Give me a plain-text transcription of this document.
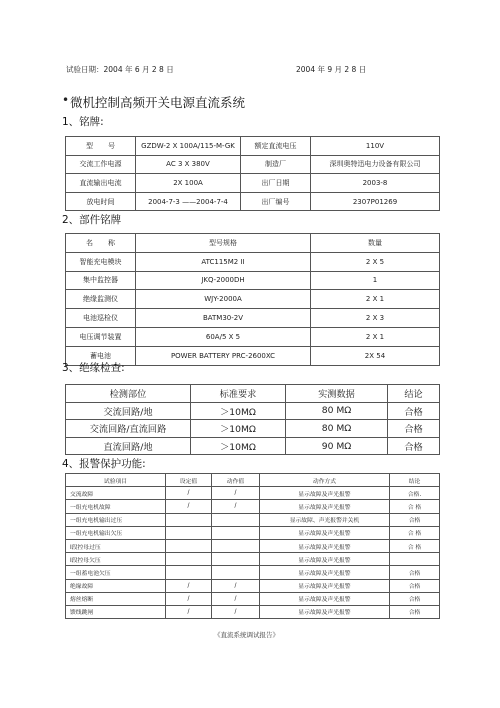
试验日期：2004 年 6 月 2 8 日	2004 年 9 月 2 8 日
• 微机控制高频开关电源直流系统
1、铭牌:
型 号	GZDW-2 X 100A/115-M-GK	额定直流电压	110V
交流工作电源	AC 3 X 380V	制造厂	深圳奥特迅电力设备有限公司
直流输出电流	2X 100A	出厂日期	2003-8
放电时间	2004-7-3 ——2004-7-4	出厂编号	2307P01269
2、部件铭牌
名 称	型号规格	数量
智能充电模块	ATC115M2 II	2 X 5
集中监控器	JKQ-2000DH	1
绝缘监测仪	WJY-2000A	2 X 1
电池巡检仪	BATM30-2V	2 X 3
电压调节装置	60A/5 X 5	2 X 1
蓄电池	POWER BATTERY PRC-2600XC	2X 54
3、绝缘检查:
检测部位	标准要求	实测数据	结论
交流回路/地	＞10MΩ	80 MΩ	合格
交流回路/直流回路	＞10MΩ	80 MΩ	合格
直流回路/地	＞10MΩ	90 MΩ	合格
4、报警保护功能:
试验项目	设定值	动作值	动作方式	结论
交流故障	/	/	显示故障及声光报警	合格.
一组充电机故障	/	/	显示故障及声光报警	合 格
一组充电机输出过压			显示故障、声光报警并关机	合格
一组充电机输出欠压			显示故障及声光报警	合 格
Ⅰ段控母过压			显示故障及声光报警	合 格
Ⅰ段控母欠压			显示故障及声光报警	
一组蓄电池欠压			显示故障及声光报警	合格
绝缘故障	/	/	显示故障及声光报警	合格
熔丝熔断	/	/	显示故障及声光报警	合格
馈线跳闸	/	/	显示故障及声光报警	合格
《直流系统调试报告》
